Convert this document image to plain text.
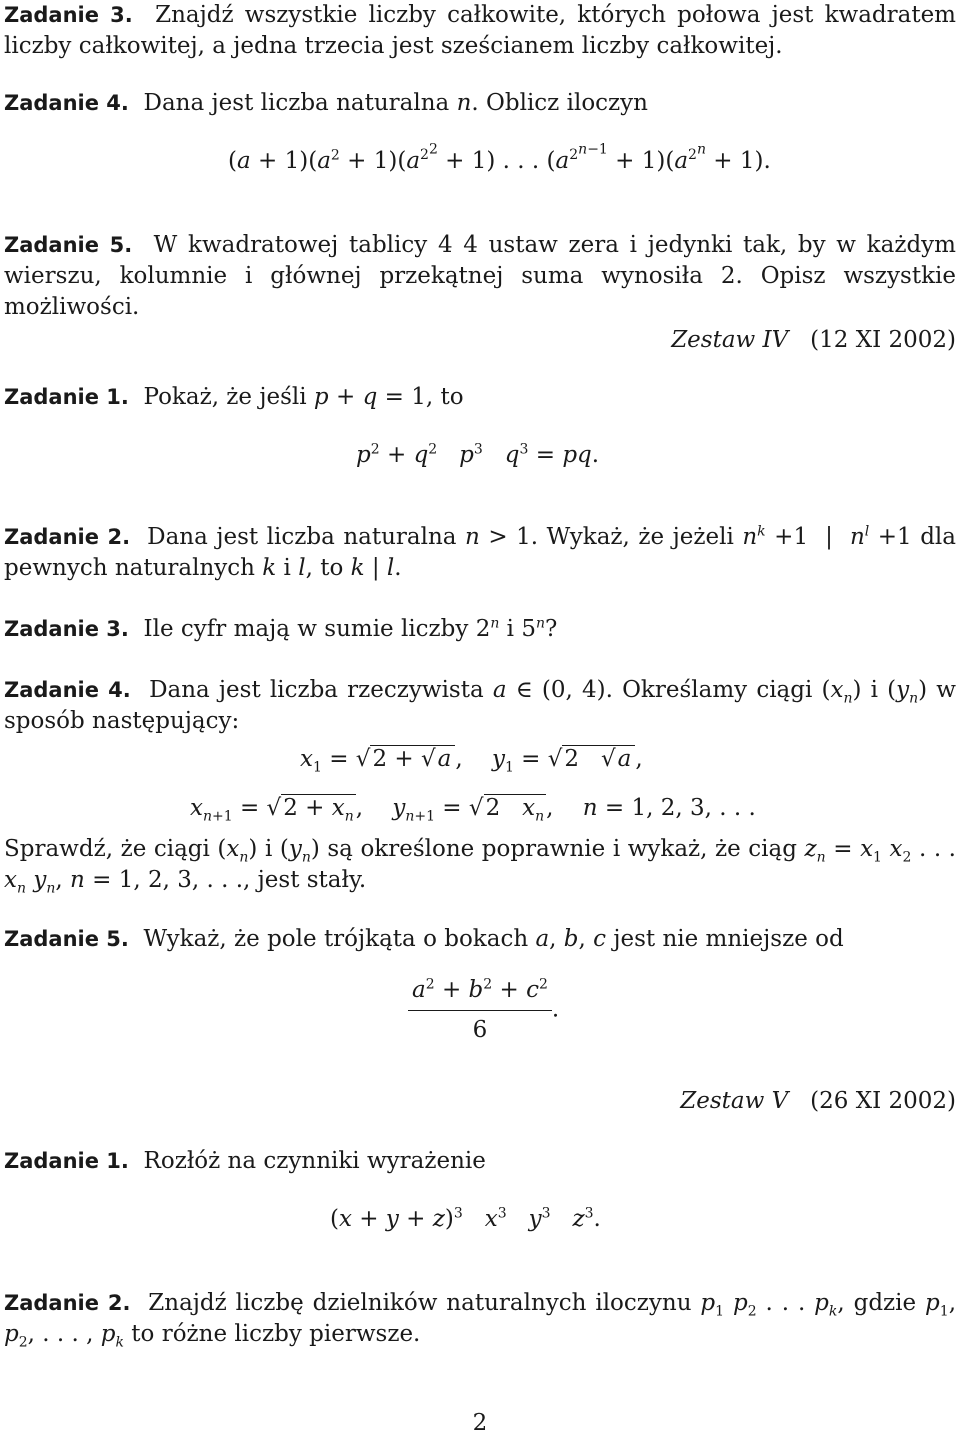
Zadanie 3. Znajdź wszystkie liczby całkowite, których połowa jest kwadratem liczby całkowitej, a jedna trzecia jest sześcianem liczby całkowitej.
Zadanie 4. Dana jest liczba naturalna n. Oblicz iloczyn
$(a + 1)(a^2 + 1)(a^{2^2} + 1)$ . . . $(a^{2^{n-1}} + 1)(a^{2^n} + 1)$.
Zadanie 5. W kwadratowej tablicy 4 4 ustaw zera i jedynki tak, by w każdym wierszu, kolumnie i głównej przekątnej suma wynosiła 2. Opisz wszystkie możliwości.
Zestaw IV (12 XI 2002)
Zadanie 1. Pokaż, że jeśli p + q = 1, to
$p^2 + q^2$ $p^3$ $q^3$ = pq.
Zadanie 2. Dana jest liczba naturalna n > 1. Wykaż, że jeżeli $n^k +1$  |  $n^l +1$ dla pewnych naturalnych k i l, to k | l.
Zadanie 3. Ile cyfr mają w sumie liczby 2$^n$ i 5$^n$?
Zadanie 4. Dana jest liczba rzeczywista a ∈ (0, 4). Określamy ciągi $(x_n)$ i $(y_n)$ w sposób następujący:
$x_1 = √2 + √a$ ,    $y_1 = √2$   √a ,
$x_{n+1} = √2 + x_n$,    $y_{n+1} = √2$   $x_n$,    n = 1, 2, 3, . . .
Sprawdź, że ciągi $(x_n)$ i $(y_n)$ są określone poprawnie i wykaż, że ciąg $z_n = x_1$ $x_2$ . . . $x_n$ $y_n$, n = 1, 2, 3, . . ., jest stały.
Zadanie 5. Wykaż, że pole trójkąta o bokach a, b, c jest nie mniejsze od
$\frac{a^2 + b^2 + c^2}{6}$ .
Zestaw V (26 XI 2002)
Zadanie 1. Rozłóż na czynniki wyrażenie
$(x + y + z)^3$ $x^3$ $y^3$ $z^3$.
Zadanie 2. Znajdź liczbę dzielników naturalnych iloczynu $p_1$ $p_2$ . . . $p_k$, gdzie $p_1$, $p_2$, . . . , $p_k$ to różne liczby pierwsze.
2
